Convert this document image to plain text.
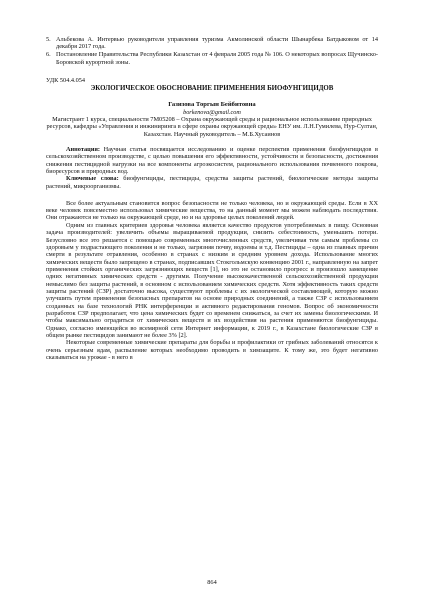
5. Альбекова А. Интервью руководителя управления туризма Акмолинской области Шынарбека Батдыковом от 14 декабря 2017 года.
6. Постановление Правительства Республики Казахстан от 4 февраля 2005 года № 106. О некоторых вопросах Щучинско-Боровской курортной зоны.
УДК 504.4.054
ЭКОЛОГИЧЕСКОЕ ОБОСНОВАНИЕ ПРИМЕНЕНИЯ БИОФУНГИЦИДОВ
Газизова Торгын Бейбитовна
borkenova@gmail.com
Магистрант 1 курса, специальности 7M05208 – Охрана окружающей среды и рациональное использование природных ресурсов, кафедры «Управления и инжиниринга в сфере охраны окружающей среды» ЕНУ им. Л.Н.Гумилева, Нур-Султан, Казахстан. Научный руководитель – М.Б.Хусаинов
Аннотация: Научная статья посвящается исследованию и оценке перспектив применения биофунгицидов в сельскохозяйственном производстве, с целью повышения его эффективности, устойчивости и безопасности, достижения снижения пестицидной нагрузки на все компоненты агроэкосистем, рационального использования почвенного покрова, биоресурсов и природных вод.
Ключевые слова: биофунгициды, пестициды, средства защиты растений, биологические методы защиты растений, микроорганизмы.

Все более актуальным становится вопрос безопасности не только человека, но и окружающей среды. Если в XX веке человек повсеместно использовал химические вещества, то на данный момент мы можем наблюдать последствия. Они отражаются не только на окружающей среде, но и на здоровье целых поколений людей.

Одним из главных критериев здоровья человека является качество продуктов употребляемых в пищу. Основная задача производителей: увеличить объемы выращиваемой продукции, снизить себестоимость, уменьшить потери. Безусловно все это решается с помощью современных многочисленных средств, увеличивая тем самым проблемы со здоровьем у подрастающего поколения и не только, загрязняя почву, водоемы и т.д. Пестициды – одна из главных причин смерти в результате отравления, особенно в странах с низким и средним уровнем дохода. Использование многих химических веществ было запрещено в странах, подписавших Стокгольмскую конвенцию 2001 г., направленную на запрет применения стойких органических загрязняющих веществ [1], но это не остановило прогресс и произошло замещение одних негативных химических средств - другими. Получение высококачественной сельскохозяйственной продукции немыслимо без защиты растений, в основном с использованием химических средств. Хотя эффективность таких средств защиты растений (СЗР) достаточно высока, существуют проблемы с их экологической составляющей, которую можно улучшить путем применения безопасных препаратов на основе природных соединений, а также СЗР с использованием созданных на базе технологий РНК интерференции и активного редактирования геномов. Вопрос об экономичности разработок СЗР предполагает, что цена химических будет со временем снижаться, за счет их замены биологическими. И чтобы максимально оградиться от химических веществ и их воздействия на растения применяются биофунгициды. Однако, согласно имеющейся во всемирной сети Интернет информации, к 2019 г., в Казахстане биологические СЗР в общем рынке пестицидов занимают не более 3% [2].

Некоторые современные химические препараты для борьбы и профилактики от грибных заболеваний относятся к очень серьезным ядам, распыление которых необходимо проводить в химзащите. К тому же, это будет негативно сказываться на урожае - в него в

864
